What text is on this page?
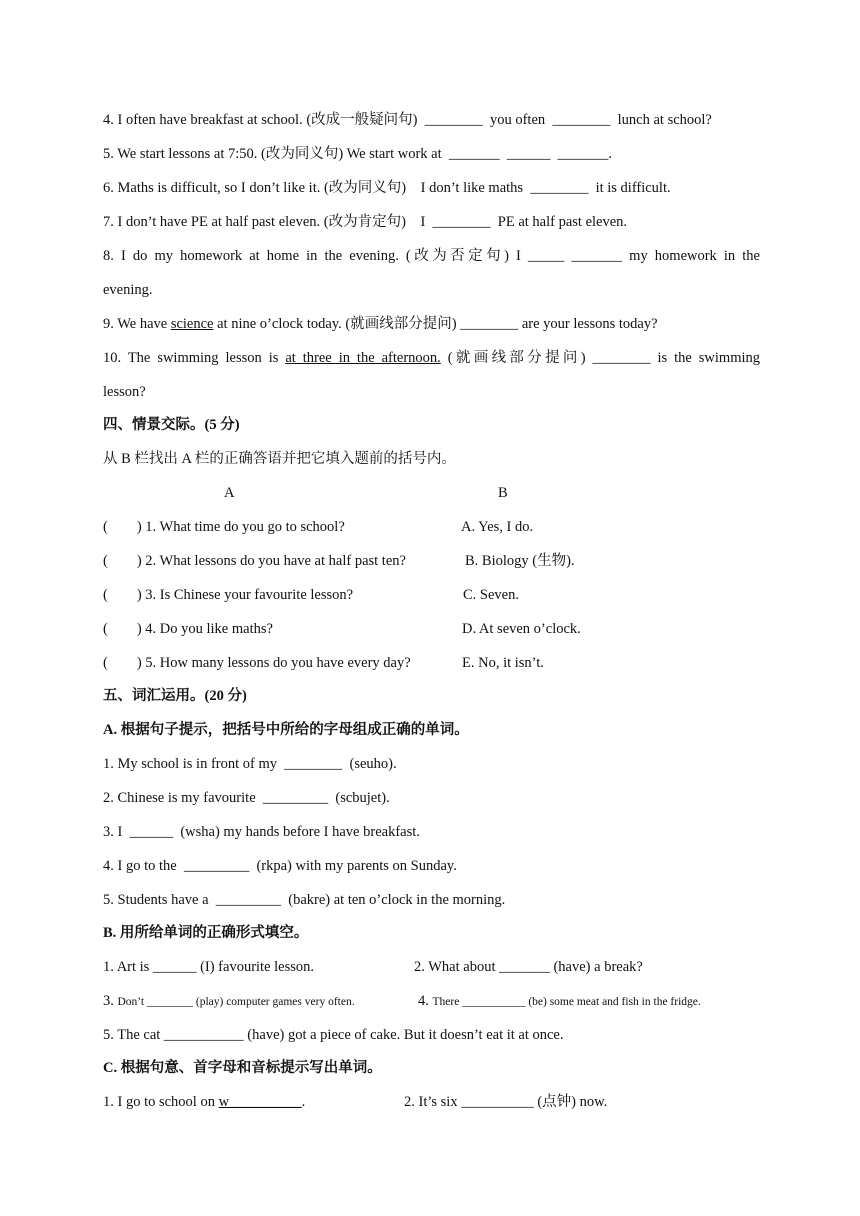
4. I often have breakfast at school. (改成一般疑问句)  ________  you often  ________  lunch at school?
5. We start lessons at 7:50. (改为同义句) We start work at  _______  ______  _______.
6. Maths is difficult, so I don’t like it. (改为同义句)    I don’t like maths  ________  it is difficult.
7. I don’t have PE at half past eleven. (改为肯定句)    I  ________  PE at half past eleven.
8. I do my homework at home in the evening. (改为否定句) I _____ _______ my homework in the
evening.
9. We have science at nine o’clock today. (就画线部分提问) ________ are your lessons today?
10. The swimming lesson is at three in the afternoon. (就画线部分提问) ________ is the swimming
lesson?
四、情景交际。(5 分)
从 B 栏找出 A 栏的正确答语并把它填入题前的括号内。
A	B
(        ) 1. What time do you go to school?	A. Yes, I do.
(        ) 2. What lessons do you have at half past ten?	B. Biology (生物).
(        ) 3. Is Chinese your favourite lesson?	C. Seven.
(        ) 4. Do you like maths?	D. At seven o’clock.
(        ) 5. How many lessons do you have every day?	E. No, it isn’t.
五、词汇运用。(20 分)
A. 根据句子提示，把括号中所给的字母组成正确的单词。
1. My school is in front of my  ________  (seuho).
2. Chinese is my favourite  _________  (scbujet).
3. I  ______  (wsha) my hands before I have breakfast.
4. I go to the  _________  (rkpa) with my parents on Sunday.
5. Students have a  _________  (bakre) at ten o’clock in the morning.
B. 用所给单词的正确形式填空。
1. Art is ______ (I) favourite lesson.	2. What about _______ (have) a break?
3. Don’t ________ (play) computer games very often.	4. There ___________ (be) some meat and fish in the fridge.
5. The cat ___________ (have) got a piece of cake. But it doesn’t eat it at once.
C. 根据句意、首字母和音标提示写出单词。
1. I go to school on w__________.	2. It’s six __________ (点钟) now.
